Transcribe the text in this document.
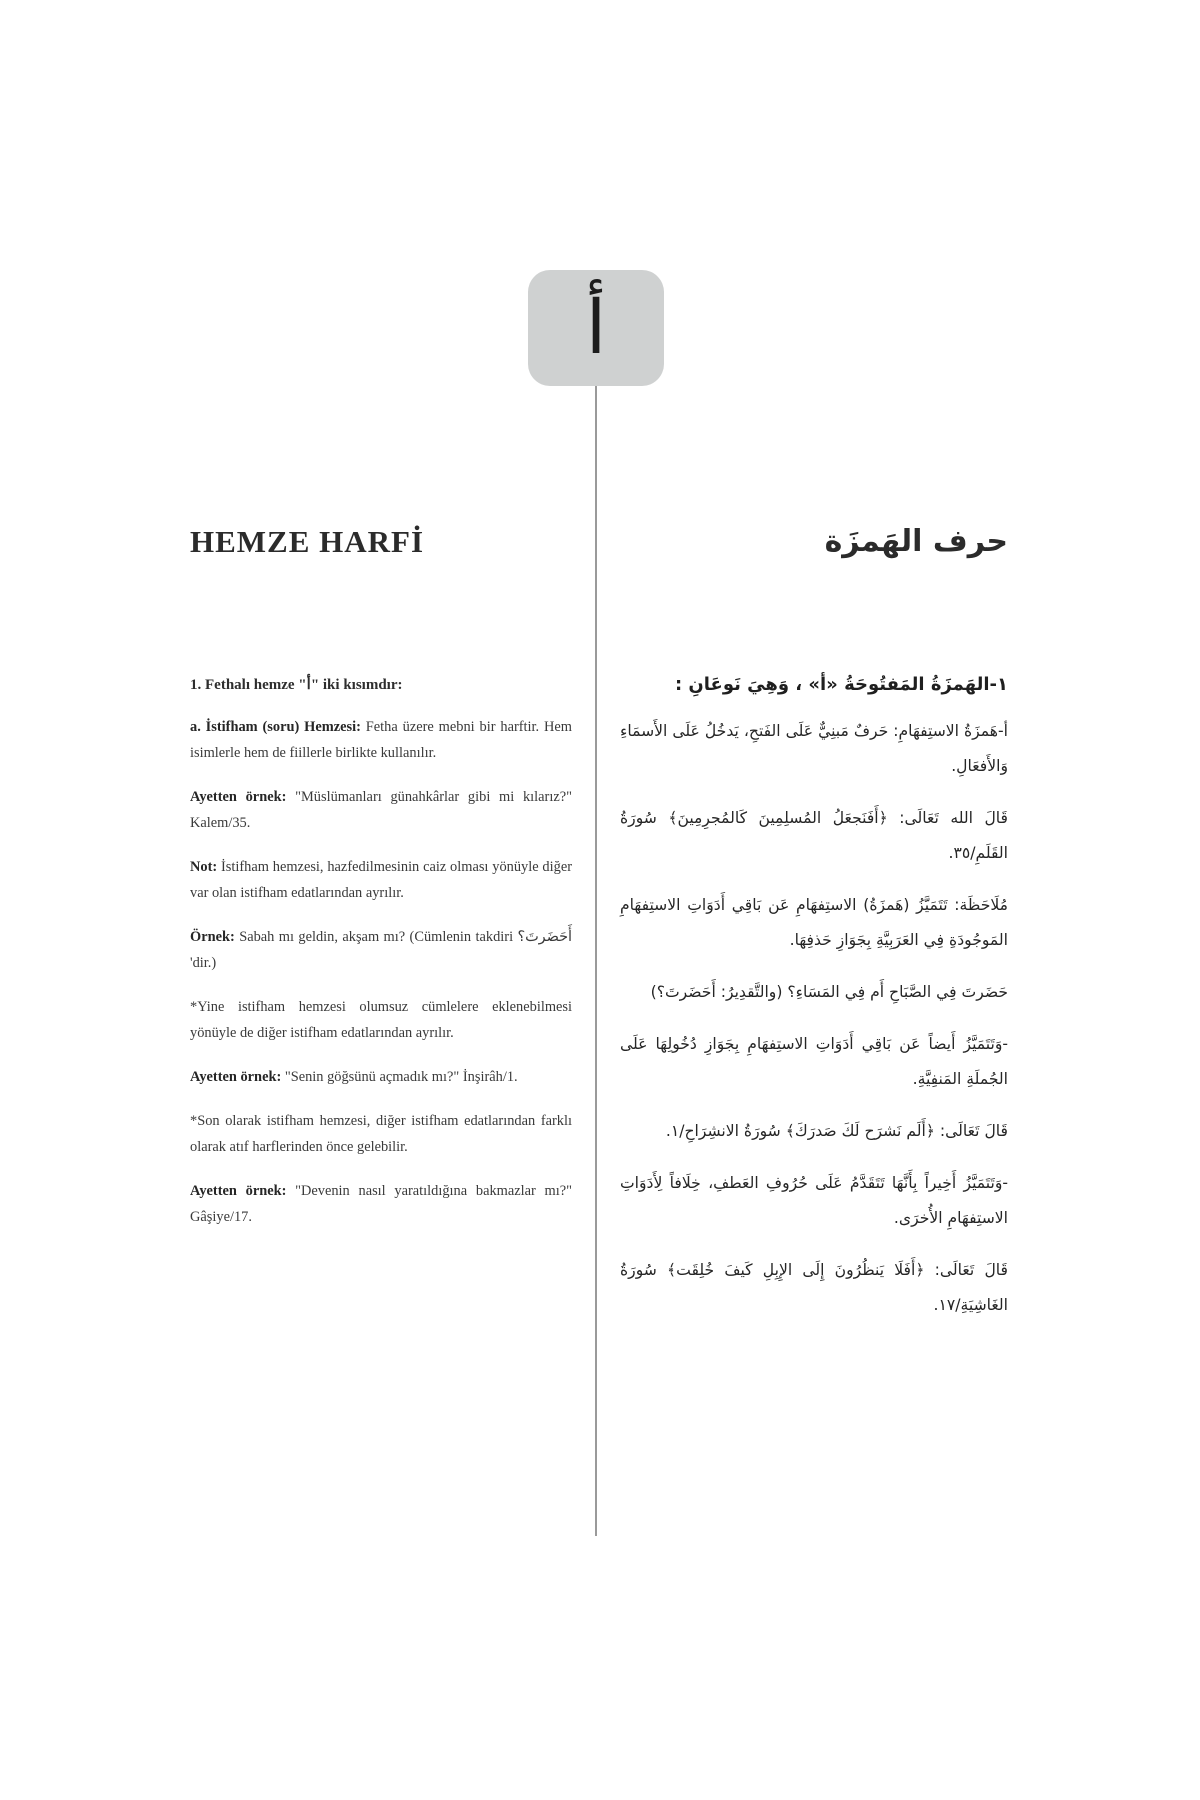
أ
HEMZE HARFİ
1. Fethalı hemze "أ" iki kısımdır:

a. İstifham (soru) Hemzesi: Fetha üzere mebni bir harftir. Hem isimlerle hem de fiillerle birlikte kullanılır.

Ayetten örnek: "Müslümanları günahkârlar gibi mi kılarız?" Kalem/35.

Not: İstifham hemzesi, hazfedilmesinin caiz olması yönüyle diğer var olan istifham edatlarından ayrılır.

Örnek: Sabah mı geldin, akşam mı? (Cümlenin takdiri أَحَضَرتَ؟ 'dir.)

*Yine istifham hemzesi olumsuz cümlelere eklenebilmesi yönüyle de diğer istifham edatlarından ayrılır.

Ayetten örnek: "Senin göğsünü açmadık mı?" İnşirâh/1.

*Son olarak istifham hemzesi, diğer istifham edatlarından farklı olarak atıf harflerinden önce gelebilir.

Ayetten örnek: "Devenin nasıl yaratıldığına bakmazlar mı?" Gâşiye/17.

حرف الهَمزَة
١-الهَمزَةُ المَفتُوحَةُ «أ» ، وَهِيَ نَوعَانِ :

أ-هَمزَةُ الاستِفهَامِ: حَرفٌ مَبنِيٌّ عَلَى الفَتحِ، يَدخُلُ عَلَى الأَسمَاءِ وَالأَفعَالِ.

قَالَ الله تَعَالَى: ﴿أَفَنَجعَلُ المُسلِمِينَ كَالمُجرِمِينَ﴾ سُورَةُ القَلَمِ/٣٥.

مُلَاحَظَة: تَتَمَيَّزُ (هَمزَةُ) الاستِفهَامِ عَن بَاقِي أَدَوَاتِ الاستِفهَامِ المَوجُودَةِ فِي العَرَبِيَّةِ بِجَوَازِ حَذفِهَا.

حَضَرتَ فِي الصَّبَاحِ أَم فِي المَسَاءِ؟ (والتَّقدِيرُ: أَحَضَرتَ؟)

-وَتَتَمَيَّزُ أَيضاً عَن بَاقِي أَدَوَاتِ الاستِفهَامِ بِجَوَازِ دُخُولِهَا عَلَى الجُملَةِ المَنفِيَّةِ.

قَالَ تَعَالَى: ﴿أَلَم نَشرَح لَكَ صَدرَكَ﴾ سُورَةُ الانشِرَاحِ/١.

-وَتَتَمَيَّزُ أَخِيراً بِأَنَّهَا تَتَقَدَّمُ عَلَى حُرُوفِ العَطفِ، خِلَافاً لِأَدَوَاتِ الاستِفهَامِ الأُخرَى.

قَالَ تَعَالَى: ﴿أَفَلَا يَنظُرُونَ إِلَى الإِبِلِ كَيفَ خُلِقَت﴾ سُورَةُ الغَاشِيَةِ/١٧.
